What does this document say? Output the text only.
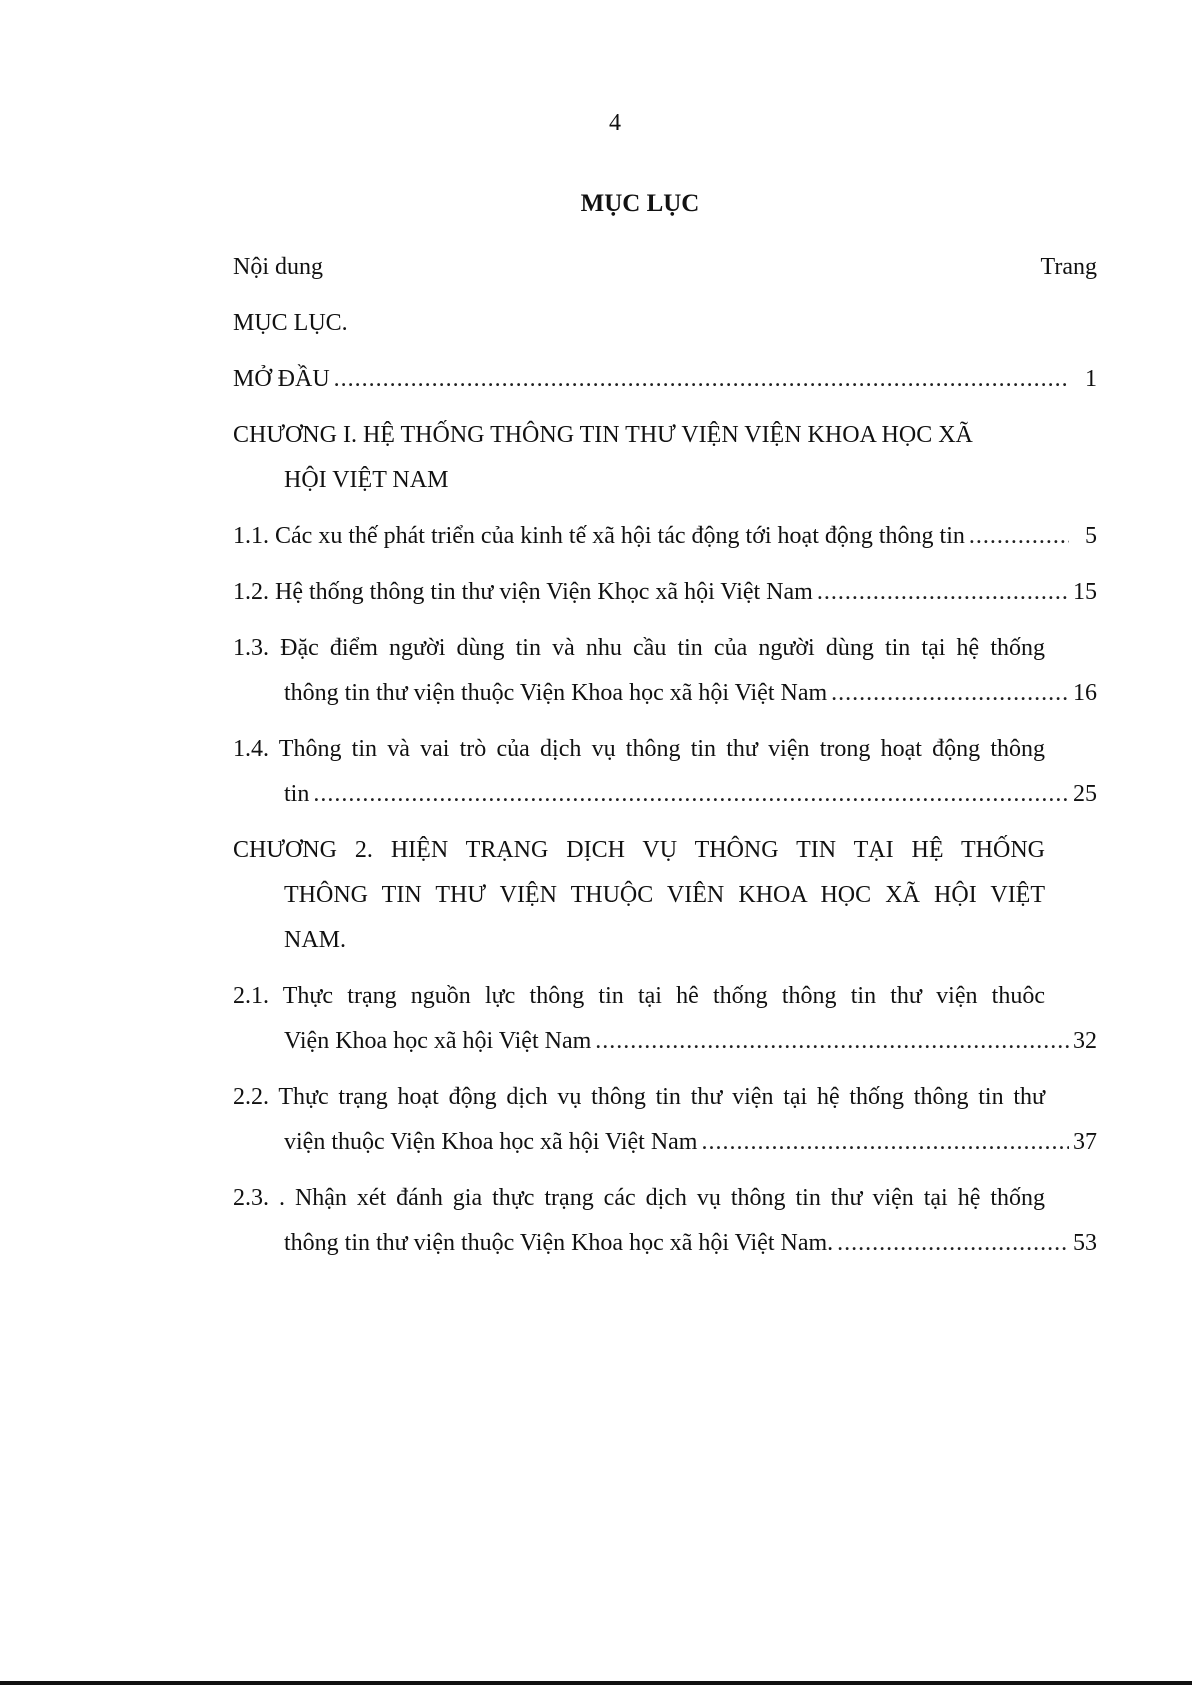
4
MỤC LỤC
Nội dung	Trang
MỤC LỤC.
MỞ ĐẦU .....	1
CHƯƠNG I. HỆ THỐNG THÔNG TIN THƯ VIỆN VIỆN KHOA HỌC XÃ
HỘI VIỆT NAM
1.1. Các xu thế phát triển của kinh tế xã hội tác động tới hoạt động thông tin .....	5
1.2. Hệ thống thông tin thư viện Viện Khọc xã hội Việt Nam .....	15
1.3. Đặc điểm người dùng tin và nhu cầu tin của người dùng tin tại hệ thống
thông tin thư viện thuộc Viện Khoa học xã hội Việt Nam .....	16
1.4. Thông tin và vai trò của dịch vụ thông tin thư viện trong hoạt động thông
tin .....	25
CHƯƠNG 2. HIỆN TRẠNG DỊCH VỤ THÔNG TIN TẠI HỆ THỐNG
THÔNG TIN THƯ VIỆN THUỘC VIÊN KHOA HỌC XÃ HỘI VIỆT
NAM.
2.1. Thực trạng nguồn lực thông tin tại hê thống thông tin thư viện thuôc
Viện Khoa học xã hội Việt Nam .....	32
2.2. Thực trạng hoạt động dịch vụ thông tin thư viện tại hệ thống thông tin thư
viện thuộc Viện Khoa học xã hội Việt Nam .....	37
2.3. . Nhận xét đánh gia thực trạng các dịch vụ thông tin thư viện tại hệ thống
thông tin thư viện thuộc Viện Khoa học xã hội Việt Nam. .....	53
